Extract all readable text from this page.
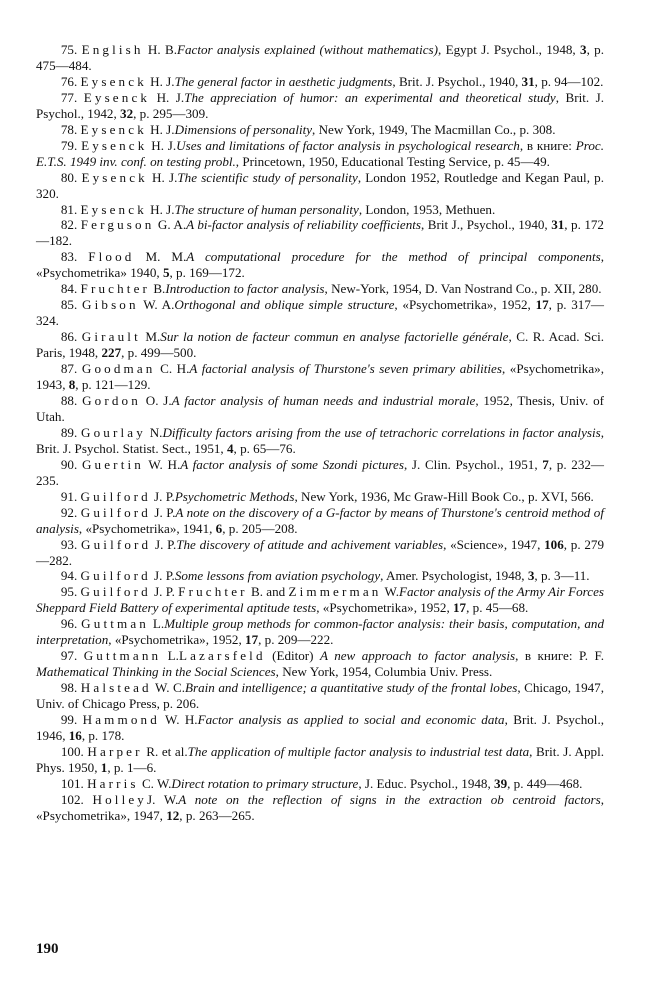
75. English H. B.Factor analysis explained (without mathematics), Egypt J. Psychol., 1948, 3, p. 475—484.

76. Eysenck H. J.The general factor in aesthetic judgments, Brit. J. Psychol., 1940, 31, p. 94—102.

77. Eysenck H. J.The appreciation of humor: an experimental and theoretical study, Brit. J. Psychol., 1942, 32, p. 295—309.

78. Eysenck H. J.Dimensions of personality, New York, 1949, The Macmillan Co., p. 308.

79. Eysenck H. J.Uses and limitations of factor analysis in psychological research, в книге: Proc. E.T.S. 1949 inv. conf. on testing probl., Princetown, 1950, Educational Testing Service, p. 45—49.

80. Eysenck H. J.The scientific study of personality, London 1952, Routledge and Kegan Paul, p. 320.

81. Eysenck H. J.The structure of human personality, London, 1953, Methuen.

82. Ferguson G. A.A bi-factor analysis of reliability coefficients, Brit J., Psychol., 1940, 31, p. 172—182.

83. Flood M. M.A computational procedure for the method of principal components, «Psychometrika» 1940, 5, p. 169—172.

84. Fruchter B.Introduction to factor analysis, New-York, 1954, D. Van Nostrand Co., p. XII, 280.

85. Gibson W. A.Orthogonal and oblique simple structure, «Psychometrika», 1952, 17, p. 317—324.

86. Girault M.Sur la notion de facteur commun en analyse factorielle générale, C. R. Acad. Sci. Paris, 1948, 227, p. 499—500.

87. Goodman C. H.A factorial analysis of Thurstone's seven primary abilities, «Psychometrika», 1943, 8, p. 121—129.

88. Gordon O. J.A factor analysis of human needs and industrial morale, 1952, Thesis, Univ. of Utah.

89. Gourlay N.Difficulty factors arising from the use of tetrachoric correlations in factor analysis, Brit. J. Psychol. Statist. Sect., 1951, 4, p. 65—76.

90. Guertin W. H.A factor analysis of some Szondi pictures, J. Clin. Psychol., 1951, 7, p. 232—235.

91. Guilford J. P.Psychometric Methods, New York, 1936, Mc Graw-Hill Book Co., p. XVI, 566.

92. Guilford J. P.A note on the discovery of a G-factor by means of Thurstone's centroid method of analysis, «Psychometrika», 1941, 6, p. 205—208.

93. Guilford J. P.The discovery of atitude and achivement variables, «Science», 1947, 106, p. 279—282.

94. Guilford J. P.Some lessons from aviation psychology, Amer. Psychologist, 1948, 3, p. 3—11.

95. Guilford J. P. Fruchter B. and Zimmerman W.Factor analysis of the Army Air Forces Sheppard Field Battery of experimental aptitude tests, «Psychometrika», 1952, 17, p. 45—68.

96. Guttman L.Multiple group methods for common-factor analysis: their basis, computation, and interpretation, «Psychometrika», 1952, 17, p. 209—222.

97. Guttmann L.Lazarsfeld (Editor) A new approach to factor analysis, в книге: P. F. Mathematical Thinking in the Social Sciences, New York, 1954, Columbia Univ. Press.

98. Halstead W. C.Brain and intelligence; a quantitative study of the frontal lobes, Chicago, 1947, Univ. of Chicago Press, p. 206.

99. Hammond W. H.Factor analysis as applied to social and economic data, Brit. J. Psychol., 1946, 16, p. 178.

100. Harper R. et al.The application of multiple factor analysis to industrial test data, Brit. J. Appl. Phys. 1950, 1, p. 1—6.

101. Harris C. W.Direct rotation to primary structure, J. Educ. Psychol., 1948, 39, p. 449—468.

102. HolleyJ. W.A note on the reflection of signs in the extraction ob centroid factors, «Psychometrika», 1947, 12, p. 263—265.

190
